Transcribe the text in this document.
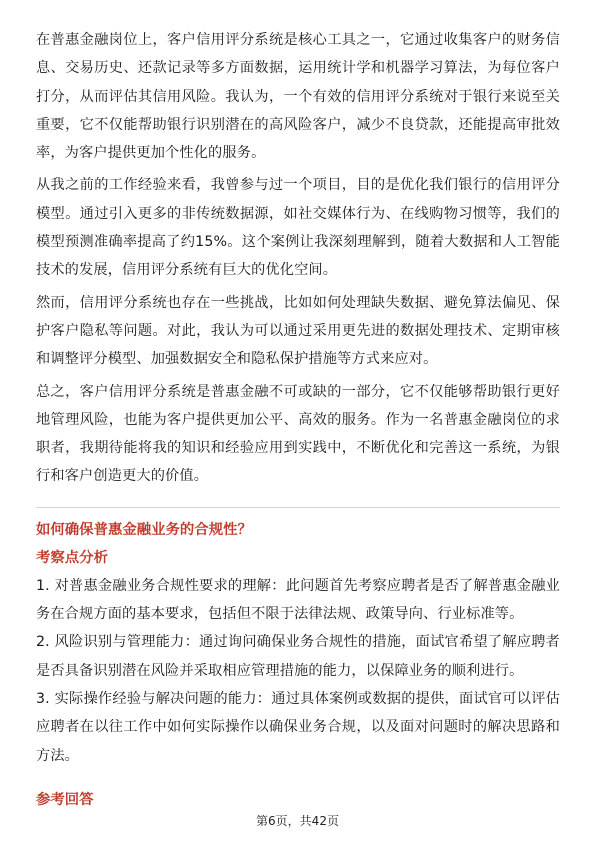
在普惠金融岗位上，客户信用评分系统是核心工具之一，它通过收集客户的财务信息、交易历史、还款记录等多方面数据，运用统计学和机器学习算法，为每位客户打分，从而评估其信用风险。我认为，一个有效的信用评分系统对于银行来说至关重要，它不仅能帮助银行识别潜在的高风险客户，减少不良贷款，还能提高审批效率，为客户提供更加个性化的服务。

从我之前的工作经验来看，我曾参与过一个项目，目的是优化我们银行的信用评分模型。通过引入更多的非传统数据源，如社交媒体行为、在线购物习惯等，我们的模型预测准确率提高了约15%。这个案例让我深刻理解到，随着大数据和人工智能技术的发展，信用评分系统有巨大的优化空间。

然而，信用评分系统也存在一些挑战，比如如何处理缺失数据、避免算法偏见、保护客户隐私等问题。对此，我认为可以通过采用更先进的数据处理技术、定期审核和调整评分模型、加强数据安全和隐私保护措施等方式来应对。

总之，客户信用评分系统是普惠金融不可或缺的一部分，它不仅能够帮助银行更好地管理风险，也能为客户提供更加公平、高效的服务。作为一名普惠金融岗位的求职者，我期待能将我的知识和经验应用到实践中，不断优化和完善这一系统，为银行和客户创造更大的价值。

如何确保普惠金融业务的合规性？

考察点分析

1. 对普惠金融业务合规性要求的理解：此问题首先考察应聘者是否了解普惠金融业务在合规方面的基本要求，包括但不限于法律法规、政策导向、行业标准等。

2. 风险识别与管理能力：通过询问确保业务合规性的措施，面试官希望了解应聘者是否具备识别潜在风险并采取相应管理措施的能力，以保障业务的顺利进行。

3. 实际操作经验与解决问题的能力：通过具体案例或数据的提供，面试官可以评估应聘者在以往工作中如何实际操作以确保业务合规，以及面对问题时的解决思路和方法。

参考回答

第6页，共42页
